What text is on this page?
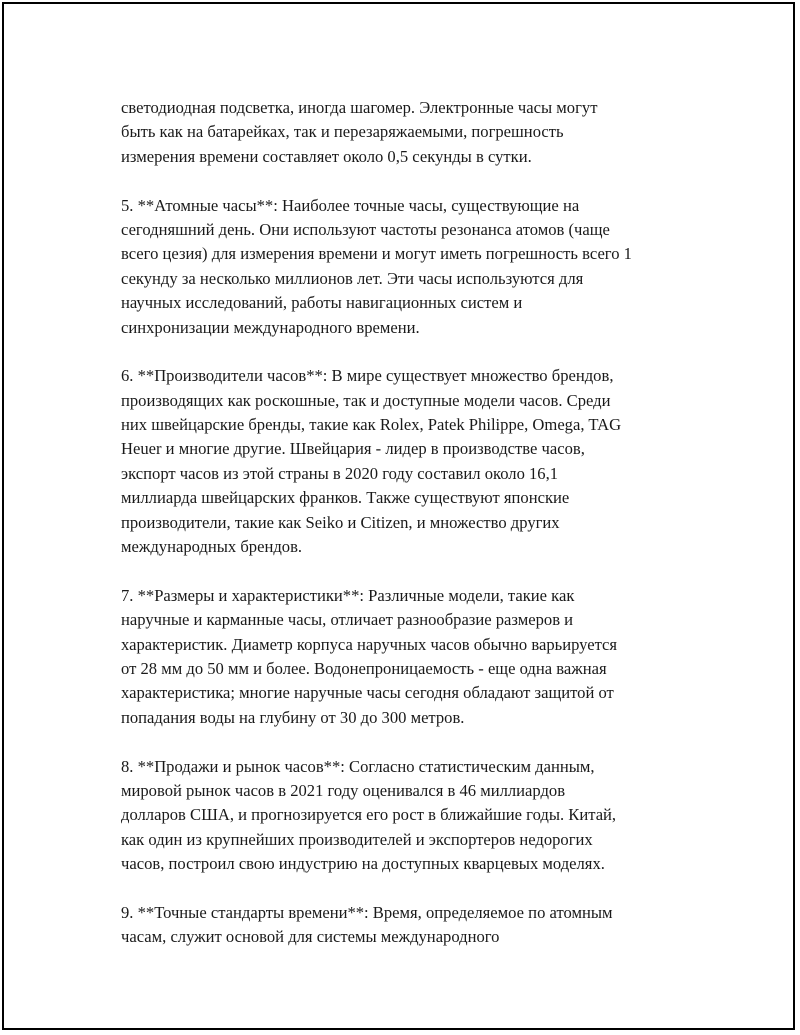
светодиодная подсветка, иногда шагомер. Электронные часы могут
быть как на батарейках, так и перезаряжаемыми, погрешность
измерения времени составляет около 0,5 секунды в сутки.

5. **Атомные часы**: Наиболее точные часы, существующие на
сегодняшний день. Они используют частоты резонанса атомов (чаще
всего цезия) для измерения времени и могут иметь погрешность всего 1
секунду за несколько миллионов лет. Эти часы используются для
научных исследований, работы навигационных систем и
синхронизации международного времени.

6. **Производители часов**: В мире существует множество брендов,
производящих как роскошные, так и доступные модели часов. Среди
них швейцарские бренды, такие как Rolex, Patek Philippe, Omega, TAG
Heuer и многие другие. Швейцария - лидер в производстве часов,
экспорт часов из этой страны в 2020 году составил около 16,1
миллиарда швейцарских франков. Также существуют японские
производители, такие как Seiko и Citizen, и множество других
международных брендов.

7. **Размеры и характеристики**: Различные модели, такие как
наручные и карманные часы, отличает разнообразие размеров и
характеристик. Диаметр корпуса наручных часов обычно варьируется
от 28 мм до 50 мм и более. Водонепроницаемость - еще одна важная
характеристика; многие наручные часы сегодня обладают защитой от
попадания воды на глубину от 30 до 300 метров.

8. **Продажи и рынок часов**: Согласно статистическим данным,
мировой рынок часов в 2021 году оценивался в 46 миллиардов
долларов США, и прогнозируется его рост в ближайшие годы. Китай,
как один из крупнейших производителей и экспортеров недорогих
часов, построил свою индустрию на доступных кварцевых моделях.

9. **Точные стандарты времени**: Время, определяемое по атомным
часам, служит основой для системы международного
